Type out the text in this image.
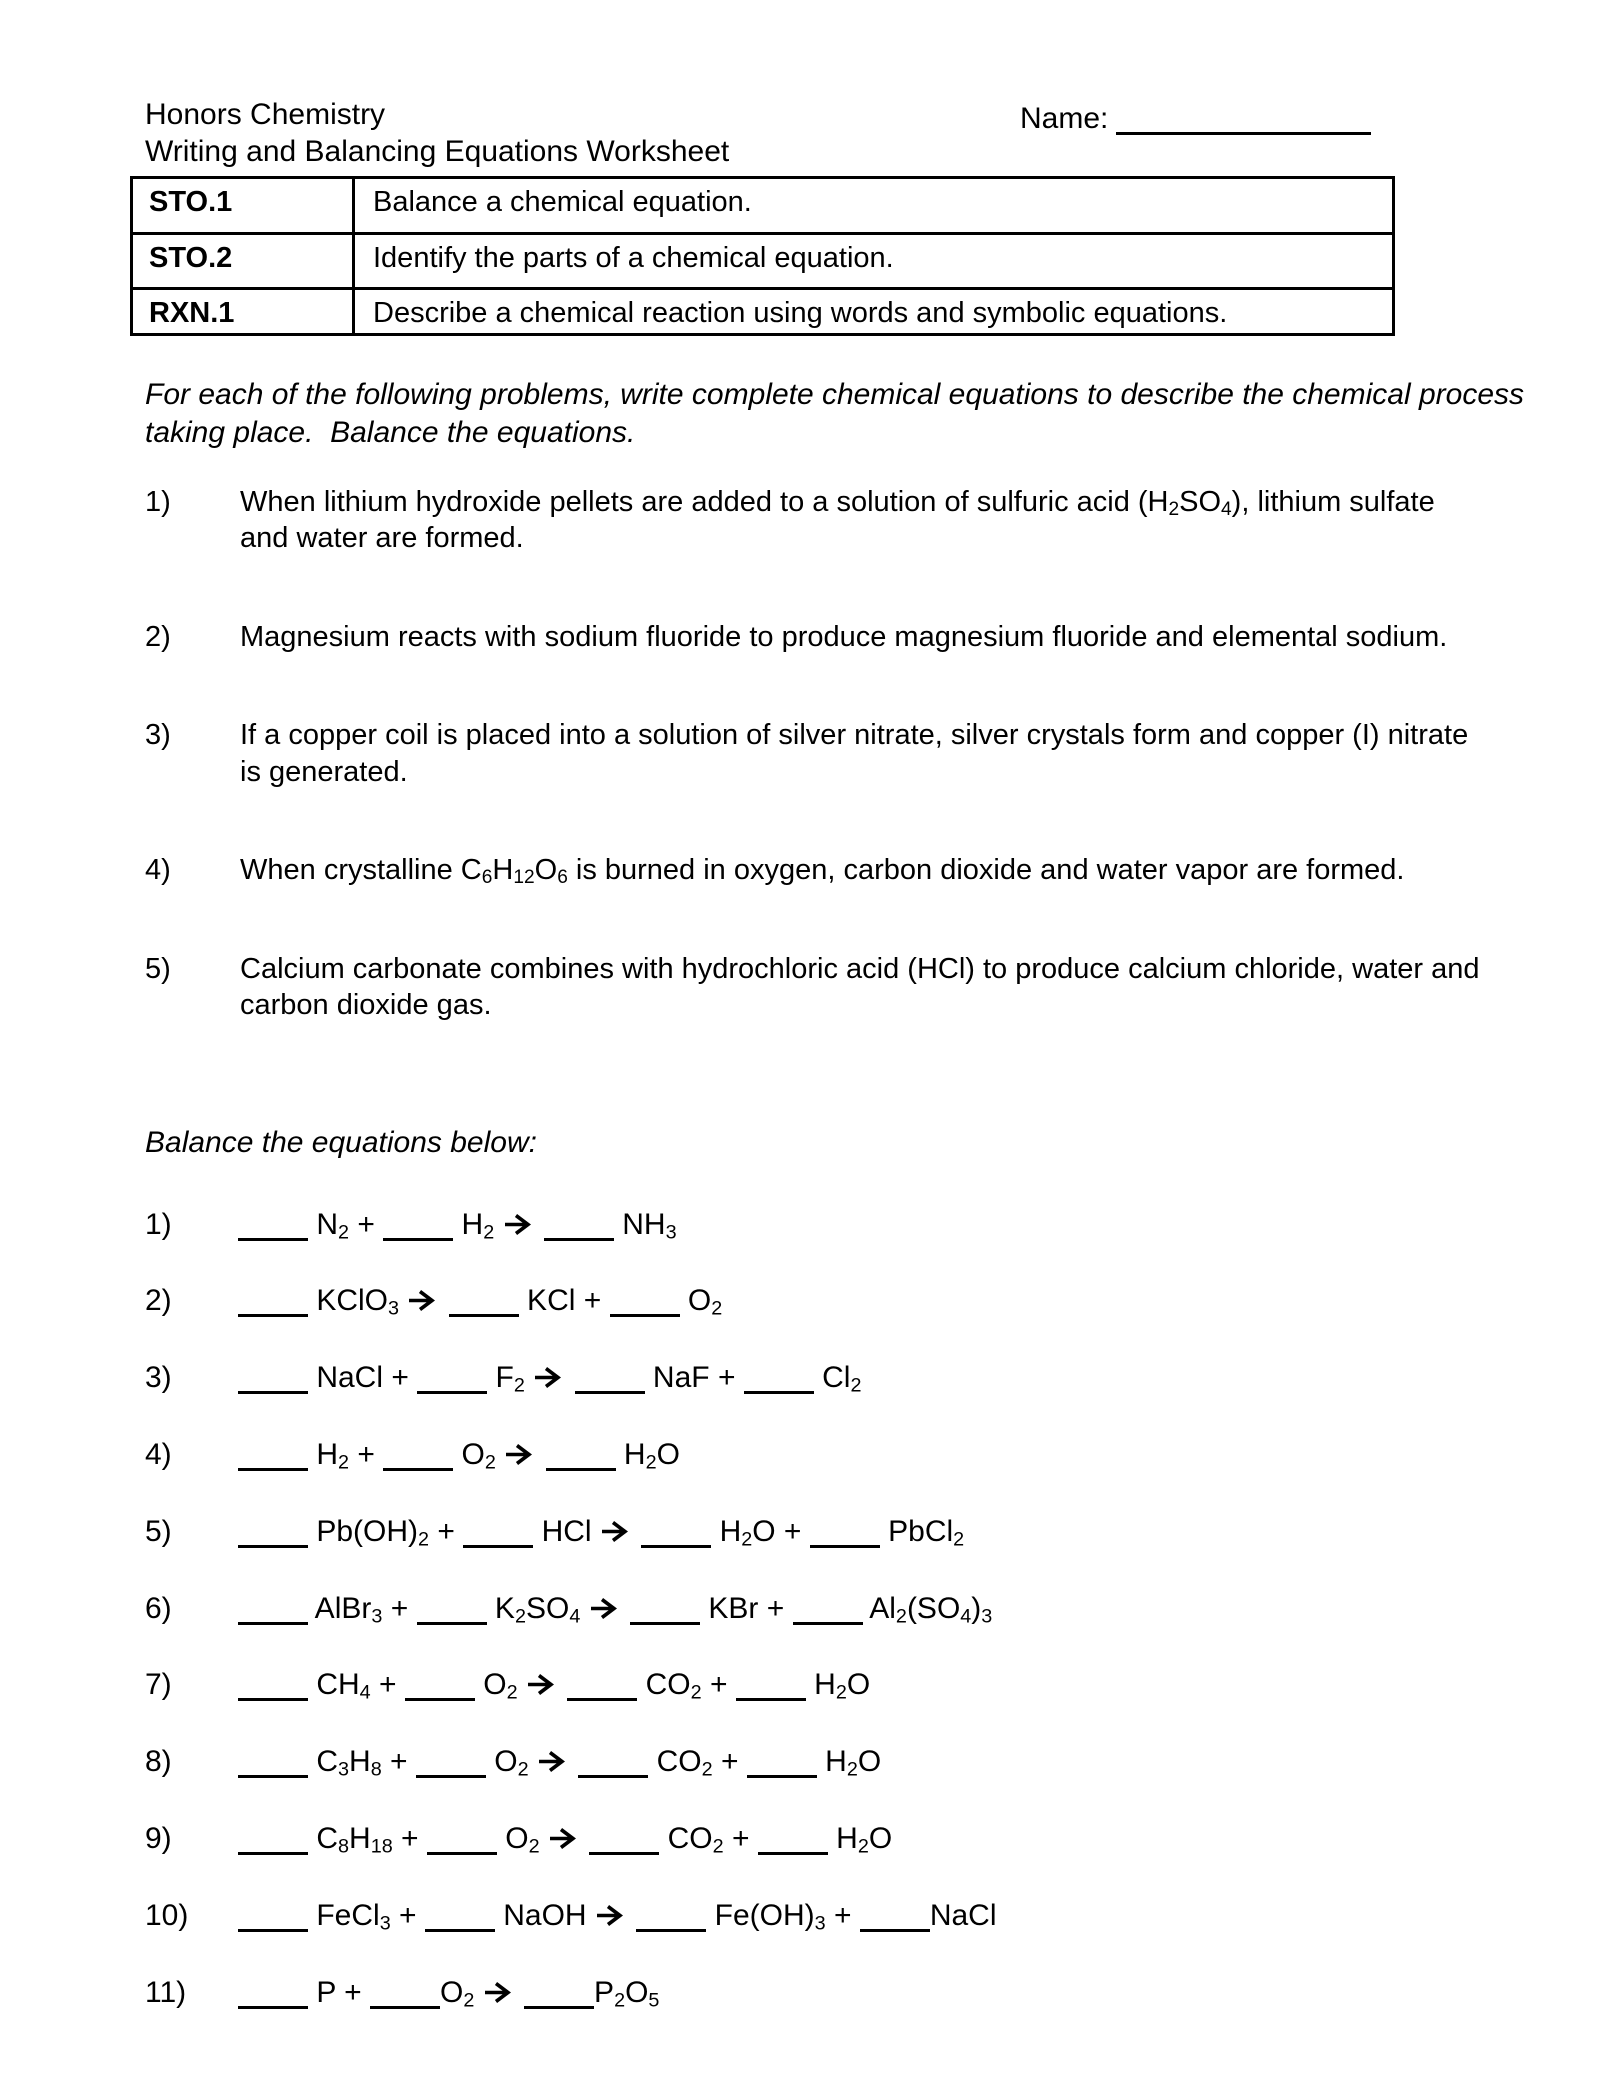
Honors Chemistry
Writing and Balancing Equations Worksheet
Name:
STO.1	Balance a chemical equation.
STO.2	Identify the parts of a chemical equation.
RXN.1	Describe a chemical reaction using words and symbolic equations.

For each of the following problems, write complete chemical equations to describe the chemical process taking place.  Balance the equations.

1)	When lithium hydroxide pellets are added to a solution of sulfuric acid $(H_2SO_4)$, lithium sulfate and water are formed.
2)	Magnesium reacts with sodium fluoride to produce magnesium fluoride and elemental sodium.
3)	If a copper coil is placed into a solution of silver nitrate, silver crystals form and copper (I) nitrate is generated.
4)	When crystalline $C_6H_{12}O_6$ is burned in oxygen, carbon dioxide and water vapor are formed.
5)	Calcium carbonate combines with hydrochloric acid (HCl) to produce calcium chloride, water and carbon dioxide gas.

Balance the equations below:

1)	$N_2 + H_2$ →	$NH_3$
2)	KClO$_3$ →	KCl +  $O_2$
3)	NaCl +  $F_2$ →	NaF +  $Cl_2$
4)	$H_2 + O_2$ →	$H_2O$
5)	$Pb(OH)_2$ +  HCl →	$H_2O$ +  PbCl$_2$
6)	AlBr$_3$ +  $K_2SO_4$ →	KBr +  $Al_2(SO_4)_3$
7)	$CH_4 + O_2$ →	$CO_2 + H_2O$
8)	$C_3H_8 + O_2$ →	$CO_2 + H_2O$
9)	$C_8H_{18} + O_2$ →	$CO_2 + H_2O$
10)	FeCl$_3$ +  NaOH →	$Fe(OH)_3$ + NaCl
11)	$P + O_2$ →	$P_2O_5$
